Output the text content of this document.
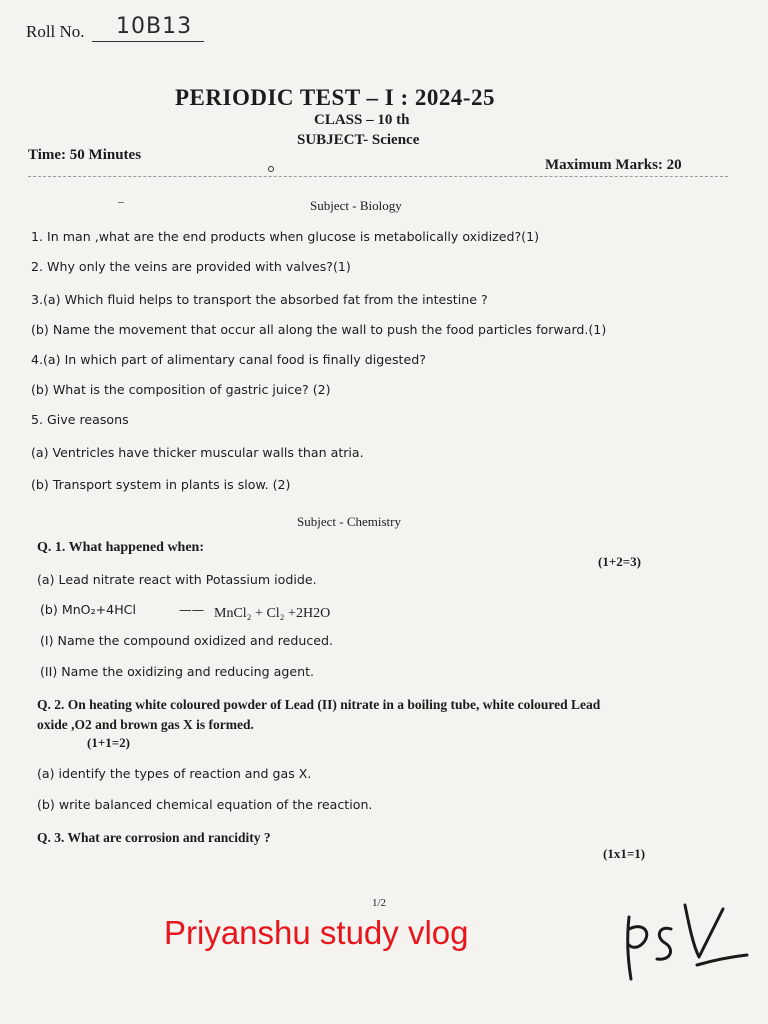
Roll No. 10B13
PERIODIC TEST – I : 2024-25
CLASS – 10 th
SUBJECT- Science
Time: 50 Minutes
Maximum Marks: 20
–	Subject - Biology
1. In man ,what are the end products when glucose is metabolically oxidized?(1)
2. Why only the veins are provided with valves?(1)
3.(a) Which fluid helps to transport the absorbed fat from the intestine ?
(b) Name the movement that occur all along the wall to push the food particles forward.(1)
4.(a) In which part of alimentary canal food is finally digested?
(b) What is the composition of gastric juice? (2)
5. Give reasons
(a) Ventricles have thicker muscular walls than atria.
(b) Transport system in plants is slow. (2)
Subject - Chemistry
Q. 1. What happened when:
(1+2=3)
(a) Lead nitrate react with Potassium iodide.
(b) MnO₂+4HCl	—— MnCl₂ + Cl₂ +2H2O
(I) Name the compound oxidized and reduced.
(II) Name the oxidizing and reducing agent.
Q. 2. On heating white coloured powder of Lead (II) nitrate in a boiling tube, white coloured Lead
oxide ,O2 and brown gas X is formed.
(1+1=2)
(a) identify the types of reaction and gas X.
(b) write balanced chemical equation of the reaction.
Q. 3. What are corrosion and rancidity ?
(1x1=1)
1/2
Priyanshu study vlog
